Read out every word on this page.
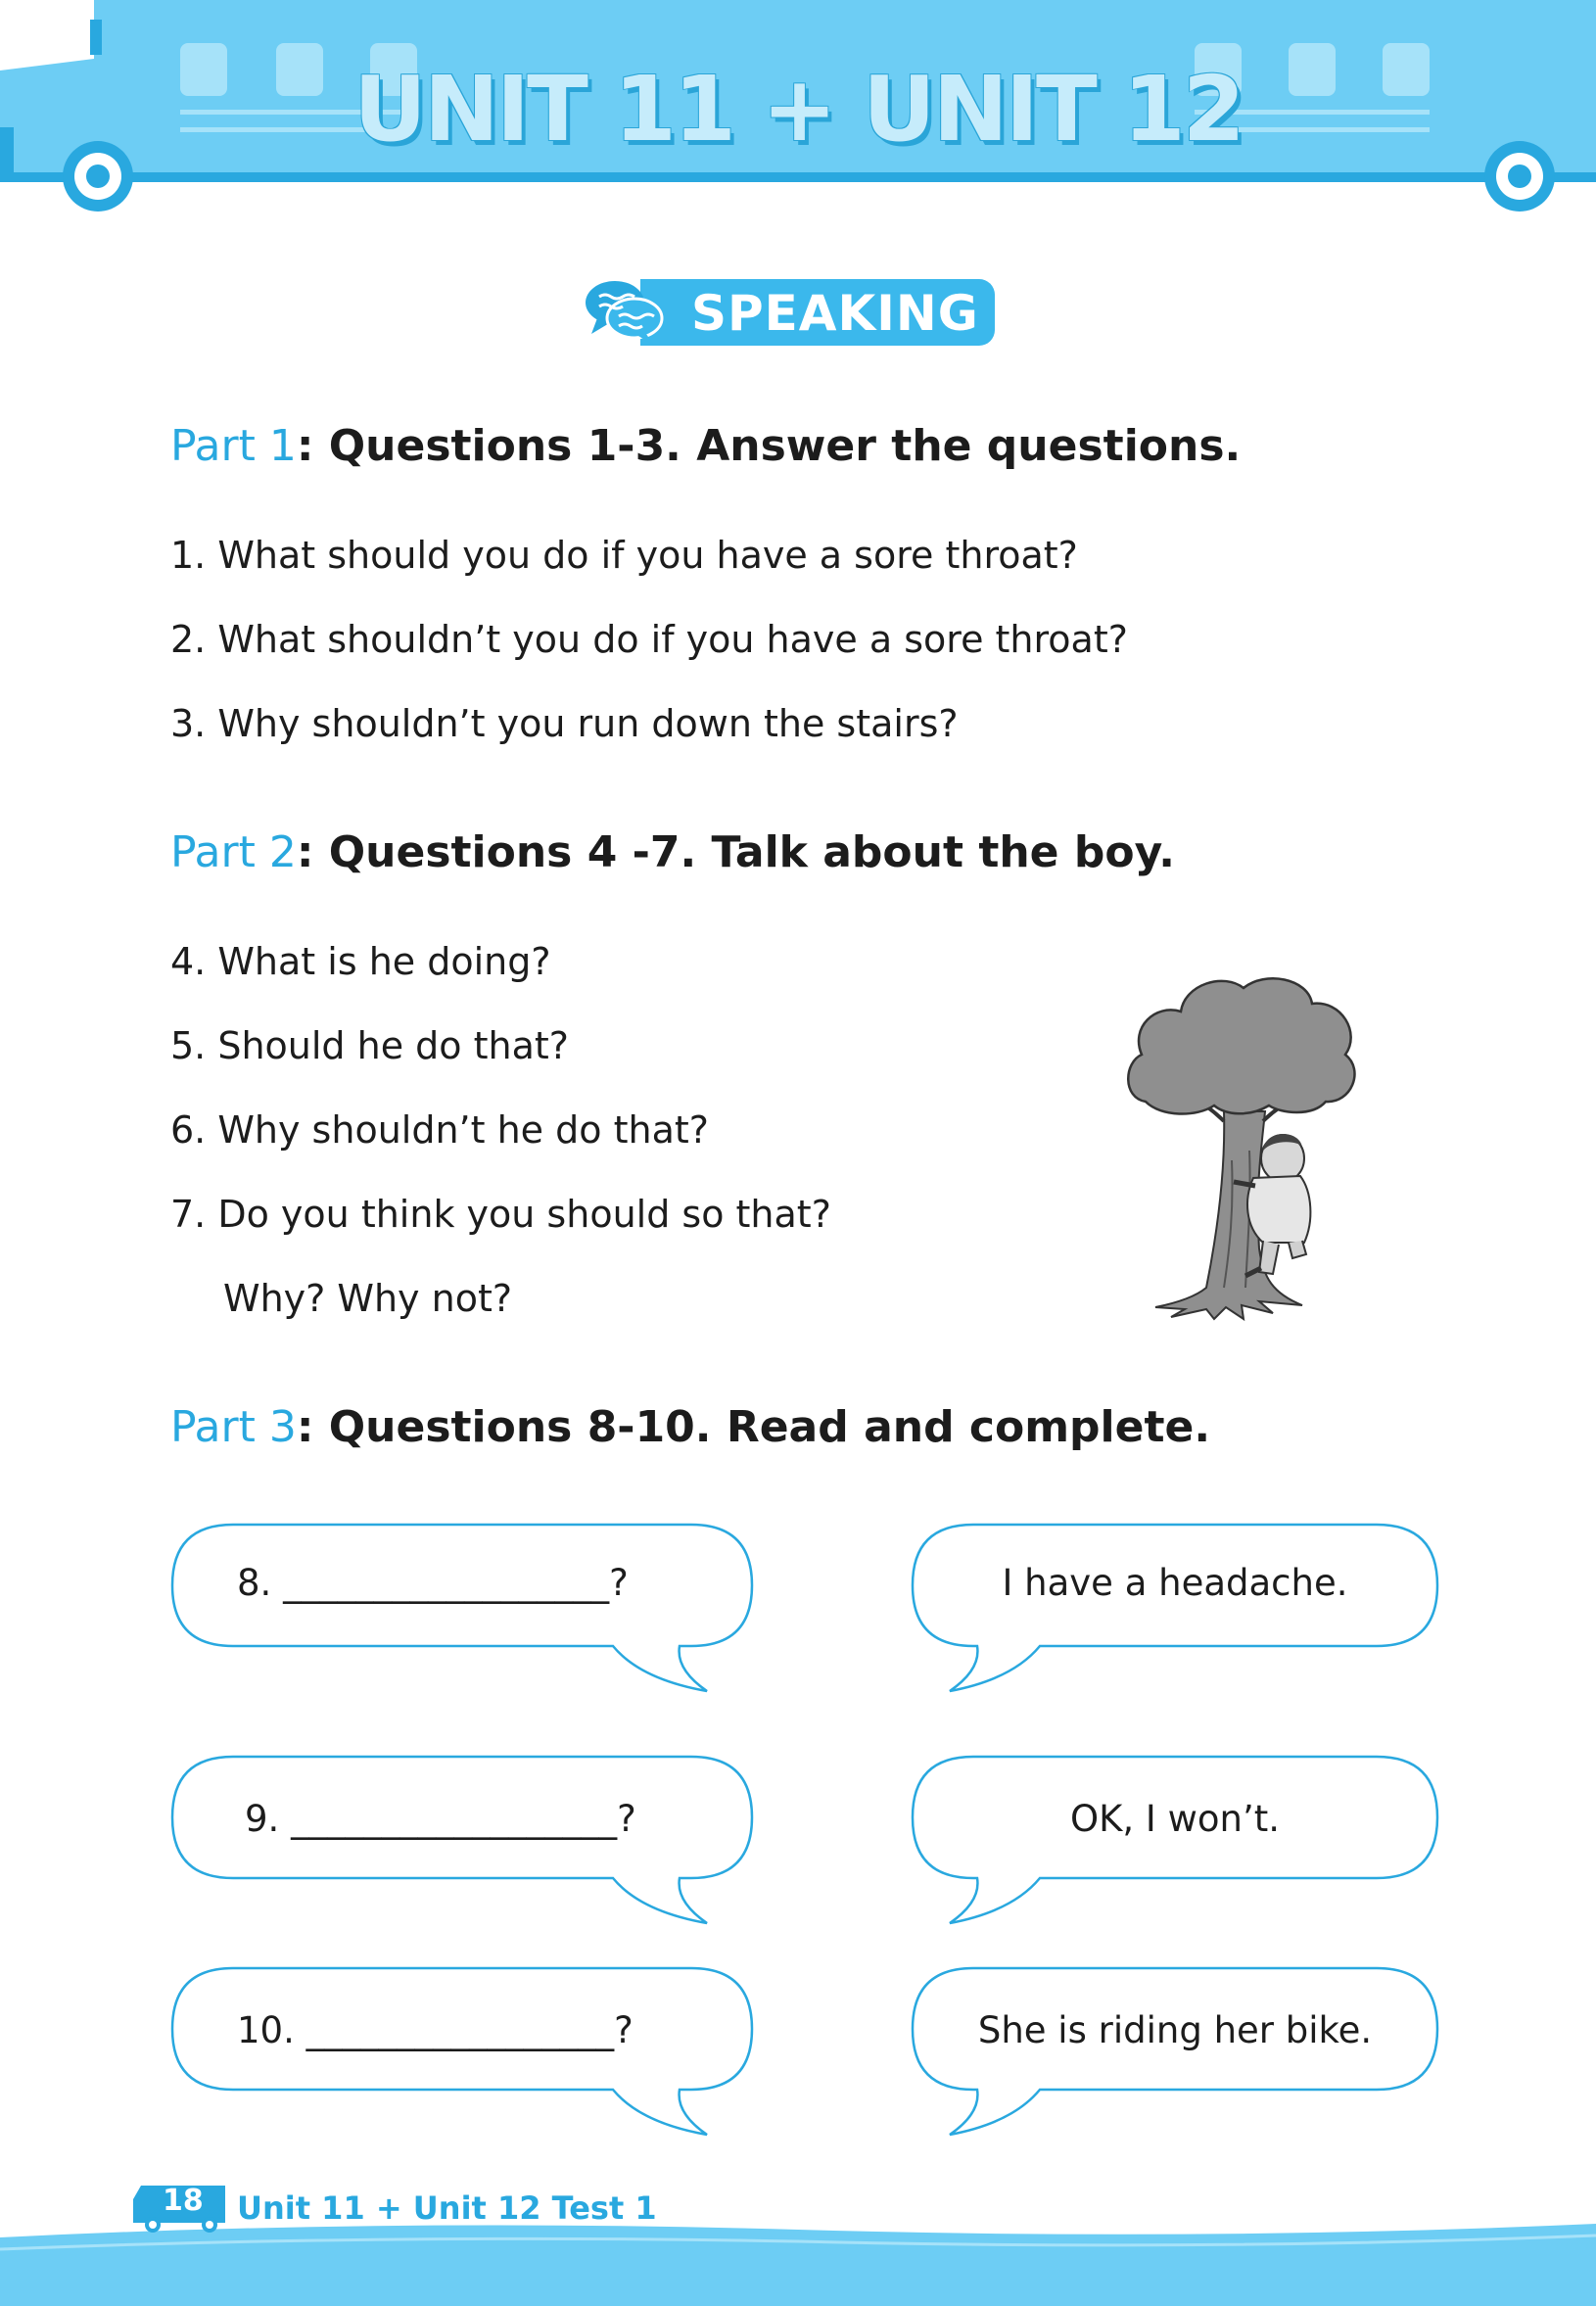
UNIT 11 + UNIT 12
SPEAKING
Part 1: Questions 1-3. Answer the questions.
1. What should you do if you have a sore throat?
2. What shouldn’t you do if you have a sore throat?
3. Why shouldn’t you run down the stairs?
Part 2: Questions 4 -7. Talk about the boy.
4. What is he doing?
5. Should he do that?
6. Why shouldn’t he do that?
7. Do you think you should so that?
Why? Why not?
Part 3: Questions 8-10. Read and complete.
8. __________________?
9. __________________?
10. _________________?
I have a headache.
OK, I won’t.
She is riding her bike.
18 Unit 11 + Unit 12 Test 1
